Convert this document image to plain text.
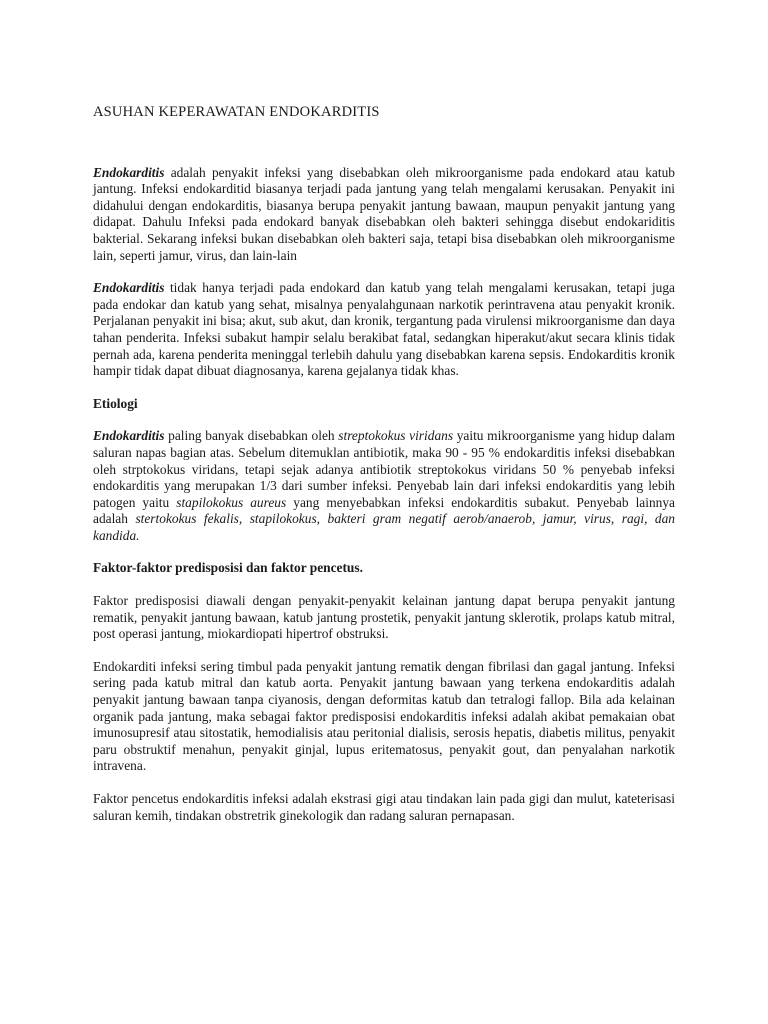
ASUHAN KEPERAWATAN ENDOKARDITIS

Endokarditis adalah penyakit infeksi yang disebabkan oleh mikroorganisme pada endokard atau katub jantung. Infeksi endokarditid biasanya terjadi pada jantung yang telah mengalami kerusakan. Penyakit ini didahului dengan endokarditis, biasanya berupa penyakit jantung bawaan, maupun penyakit jantung yang didapat. Dahulu Infeksi pada endokard banyak disebabkan oleh bakteri sehingga disebut endokariditis bakterial. Sekarang infeksi bukan disebabkan oleh bakteri saja, tetapi bisa disebabkan oleh mikroorganisme lain, seperti jamur, virus, dan lain-lain

Endokarditis tidak hanya terjadi pada endokard dan katub yang telah mengalami kerusakan, tetapi juga pada endokar dan katub yang sehat, misalnya penyalahgunaan narkotik perintravena atau penyakit kronik. Perjalanan penyakit ini bisa; akut, sub akut, dan kronik, tergantung pada virulensi mikroorganisme dan daya tahan penderita. Infeksi subakut hampir selalu berakibat fatal, sedangkan hiperakut/akut secara klinis tidak pernah ada, karena penderita meninggal terlebih dahulu yang disebabkan karena sepsis. Endokarditis kronik hampir tidak dapat dibuat diagnosanya, karena gejalanya tidak khas.

Etiologi

Endokarditis paling banyak disebabkan oleh streptokokus viridans yaitu mikroorganisme yang hidup dalam saluran napas bagian atas. Sebelum ditemuklan antibiotik, maka 90 - 95 % endokarditis infeksi disebabkan oleh strptokokus viridans, tetapi sejak adanya antibiotik streptokokus viridans 50 % penyebab infeksi endokarditis yang merupakan 1/3 dari sumber infeksi. Penyebab lain dari infeksi endokarditis yang lebih patogen yaitu stapilokokus aureus yang menyebabkan infeksi endokarditis subakut. Penyebab lainnya adalah stertokokus fekalis, stapilokokus, bakteri gram negatif aerob/anaerob, jamur, virus, ragi, dan kandida.

Faktor-faktor predisposisi dan faktor pencetus.

Faktor predisposisi diawali dengan penyakit-penyakit kelainan jantung dapat berupa penyakit jantung rematik, penyakit jantung bawaan, katub jantung prostetik, penyakit jantung sklerotik, prolaps katub mitral, post operasi jantung, miokardiopati hipertrof obstruksi.

Endokarditi infeksi sering timbul pada penyakit jantung rematik dengan fibrilasi dan gagal jantung. Infeksi sering pada katub mitral dan katub aorta. Penyakit jantung bawaan yang terkena endokarditis adalah penyakit jantung bawaan tanpa ciyanosis, dengan deformitas katub dan tetralogi fallop. Bila ada kelainan organik pada jantung, maka sebagai faktor predisposisi endokarditis infeksi adalah akibat pemakaian obat imunosupresif atau sitostatik, hemodialisis atau peritonial dialisis, serosis hepatis, diabetis militus, penyakit paru obstruktif menahun, penyakit ginjal, lupus eritematosus, penyakit gout, dan penyalahan narkotik intravena.

Faktor pencetus endokarditis infeksi adalah ekstrasi gigi atau tindakan lain pada gigi dan mulut, kateterisasi saluran kemih, tindakan obstretrik ginekologik dan radang saluran pernapasan.
